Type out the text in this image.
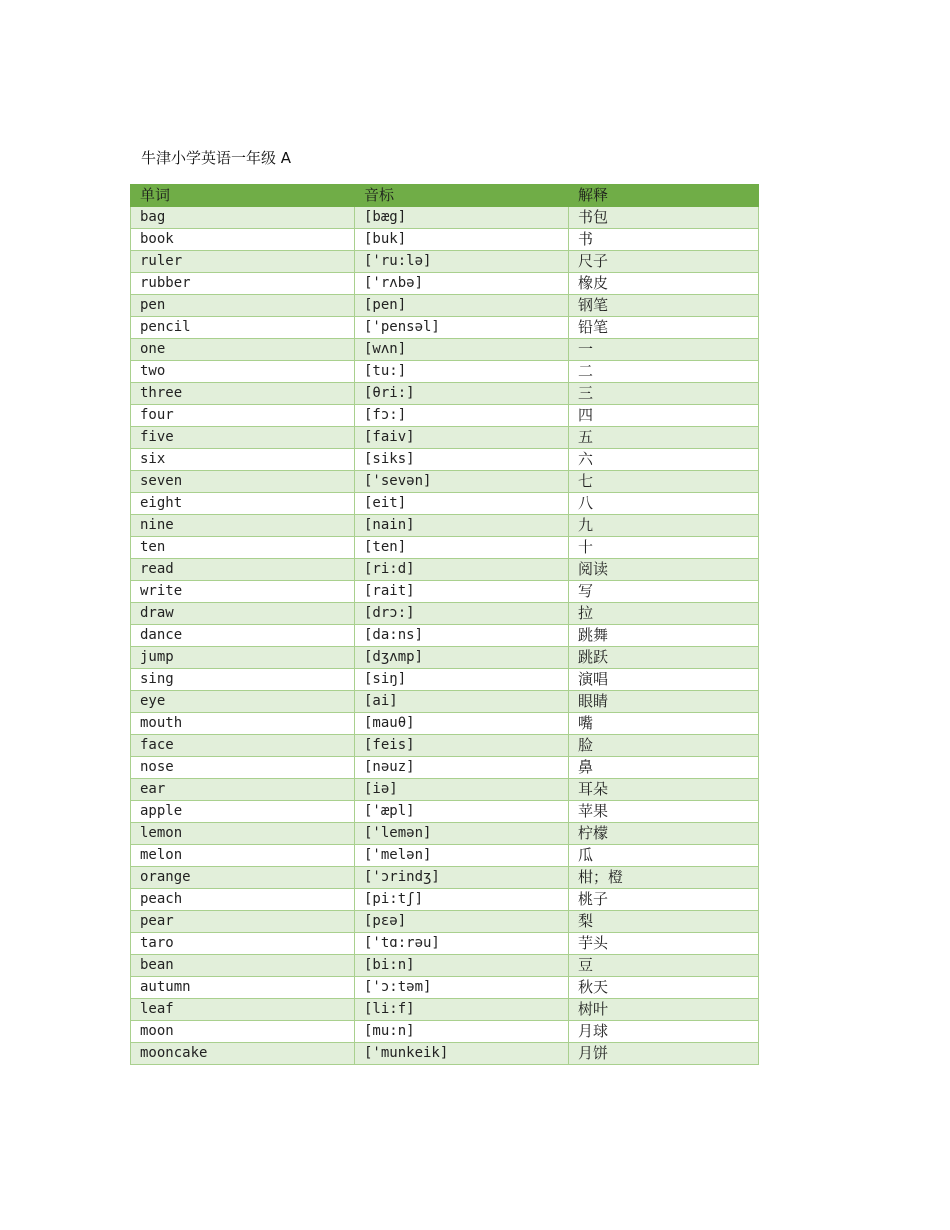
牛津小学英语一年级 A
单词	音标	解释
bag	[bæg]	书包
book	[buk]	书
ruler	['ru:lə]	尺子
rubber	['rʌbə]	橡皮
pen	[pen]	钢笔
pencil	['pensəl]	铅笔
one	[wʌn]	一
two	[tu:]	二
three	[θri:]	三
four	[fɔ:]	四
five	[faiv]	五
six	[siks]	六
seven	['sevən]	七
eight	[eit]	八
nine	[nain]	九
ten	[ten]	十
read	[ri:d]	阅读
write	[rait]	写
draw	[drɔ:]	拉
dance	[da:ns]	跳舞
jump	[dʒʌmp]	跳跃
sing	[siŋ]	演唱
eye	[ai]	眼睛
mouth	[mauθ]	嘴
face	[feis]	脸
nose	[nəuz]	鼻
ear	[iə]	耳朵
apple	['æpl]	苹果
lemon	['lemən]	柠檬
melon	['melən]	瓜
orange	['ɔrindʒ]	柑；橙
peach	[pi:tʃ]	桃子
pear	[pεə]	梨
taro	['tɑ:rəu]	芋头
bean	[bi:n]	豆
autumn	['ɔ:təm]	秋天
leaf	[li:f]	树叶
moon	[mu:n]	月球
mooncake	['munkeik]	月饼
